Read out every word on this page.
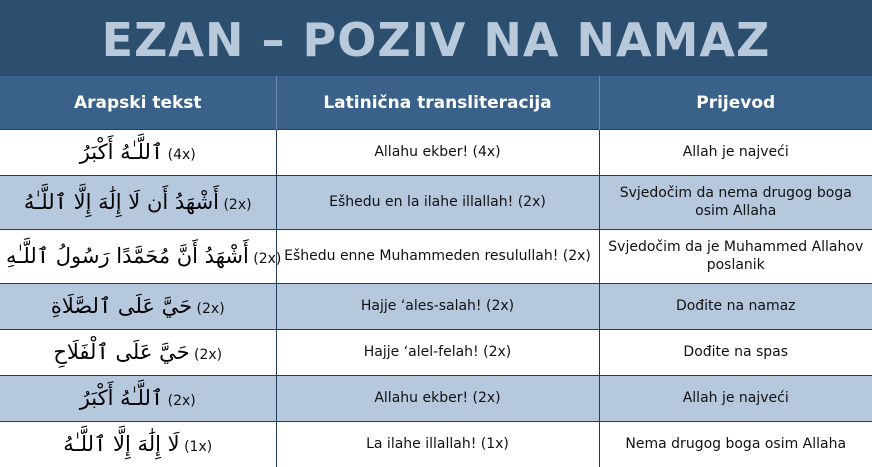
EZAN – POZIV NA NAMAZ
Arapski tekst	Latinična transliteracija	Prijevod
ٱللَّـٰهُ أَكْبَرُ (4x)	Allahu ekber! (4x)	Allah je najveći
أَشْهَدُ أَن لَا إِلَٰهَ إِلَّا ٱللَّـٰهُ (2x)	Ešhedu en la ilahe illallah! (2x)	Svjedočim da nema drugog boga osim Allaha
أَشْهَدُ أَنَّ مُحَمَّدًا رَسُولُ ٱللَّـٰهِ (2x)	Ešhedu enne Muhammeden resulullah! (2x)	Svjedočim da je Muhammed Allahov poslanik
حَيَّ عَلَى ٱلصَّلَاةِ (2x)	Hajje ‘ales-salah! (2x)	Dođite na namaz
حَيَّ عَلَى ٱلْفَلَاحِ (2x)	Hajje ‘alel-felah! (2x)	Dođite na spas
ٱللَّـٰهُ أَكْبَرُ (2x)	Allahu ekber! (2x)	Allah je najveći
لَا إِلَٰهَ إِلَّا ٱللَّـٰهُ (1x)	La ilahe illallah! (1x)	Nema drugog boga osim Allaha
